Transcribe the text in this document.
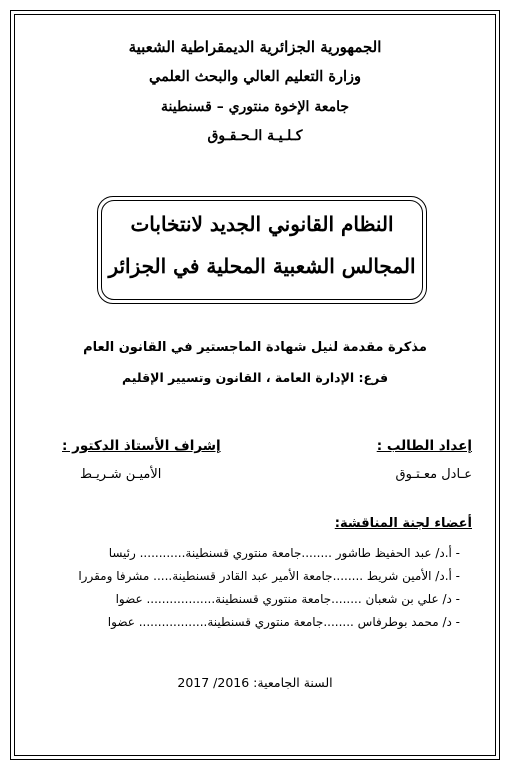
الجمهورية الجزائرية الديمقراطية الشعبية
وزارة التعليم العالي والبحث العلمي
جامعة الإخوة منتوري – قسنطينة
كـلـيـة الـحـقـوق
النظام القانوني الجديد لانتخابات
المجالس الشعبية المحلية في الجزائر
مذكرة مقدمة لنيل شهادة الماجستير في القانون العام
فرع: الإدارة العامة ، القانون وتسيير الإقليم
إعداد الطالب :
إشراف الأستاذ الدكتور :
عـادل معـتـوق
الأميـن شـريـط
أعضاء لجنة المناقشة:
- أ.د/ عبد الحفيظ طاشور ........جامعة منتوري قسنطينة............ رئيسا
- أ.د/ الأمين شريط ........جامعة الأمير عبد القادر قسنطينة..... مشرفا ومقررا
- د/ علي بن شعبان ........جامعة منتوري قسنطينة.................. عضوا
- د/ محمد بوطرفاس ........جامعة منتوري قسنطينة.................. عضوا
السنة الجامعية: 2016/ 2017
